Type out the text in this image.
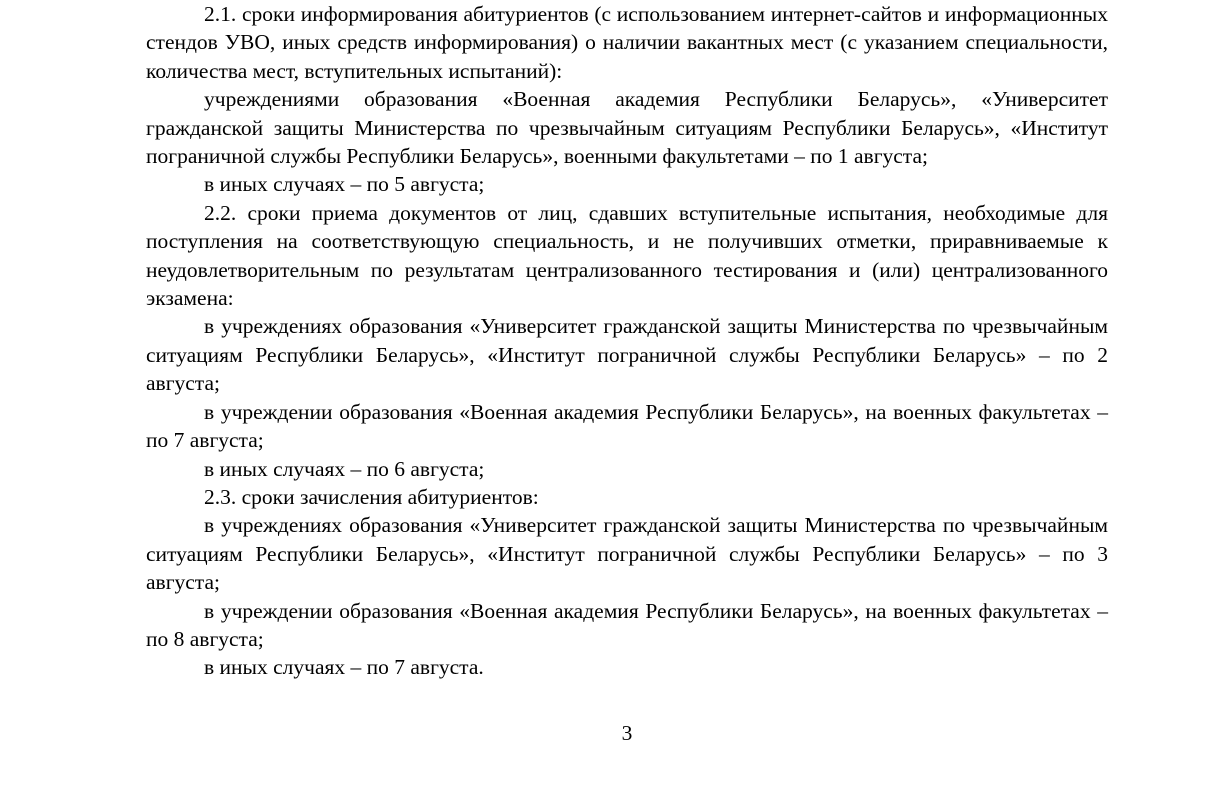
2.1. сроки информирования абитуриентов (с использованием интернет-сайтов и информационных стендов УВО, иных средств информирования) о наличии вакантных мест (с указанием специальности, количества мест, вступительных испытаний):

учреждениями образования «Военная академия Республики Беларусь», «Университет гражданской защиты Министерства по чрезвычайным ситуациям Республики Беларусь», «Институт пограничной службы Республики Беларусь», военными факультетами – по 1 августа;

в иных случаях – по 5 августа;

2.2. сроки приема документов от лиц, сдавших вступительные испытания, необходимые для поступления на соответствующую специальность, и не получивших отметки, приравниваемые к неудовлетворительным по результатам централизованного тестирования и (или) централизованного экзамена:

в учреждениях образования «Университет гражданской защиты Министерства по чрезвычайным ситуациям Республики Беларусь», «Институт пограничной службы Республики Беларусь» – по 2 августа;

в учреждении образования «Военная академия Республики Беларусь», на военных факультетах – по 7 августа;

в иных случаях – по 6 августа;

2.3. сроки зачисления абитуриентов:

в учреждениях образования «Университет гражданской защиты Министерства по чрезвычайным ситуациям Республики Беларусь», «Институт пограничной службы Республики Беларусь» – по 3 августа;

в учреждении образования «Военная академия Республики Беларусь», на военных факультетах – по 8 августа;

в иных случаях – по 7 августа.

3
